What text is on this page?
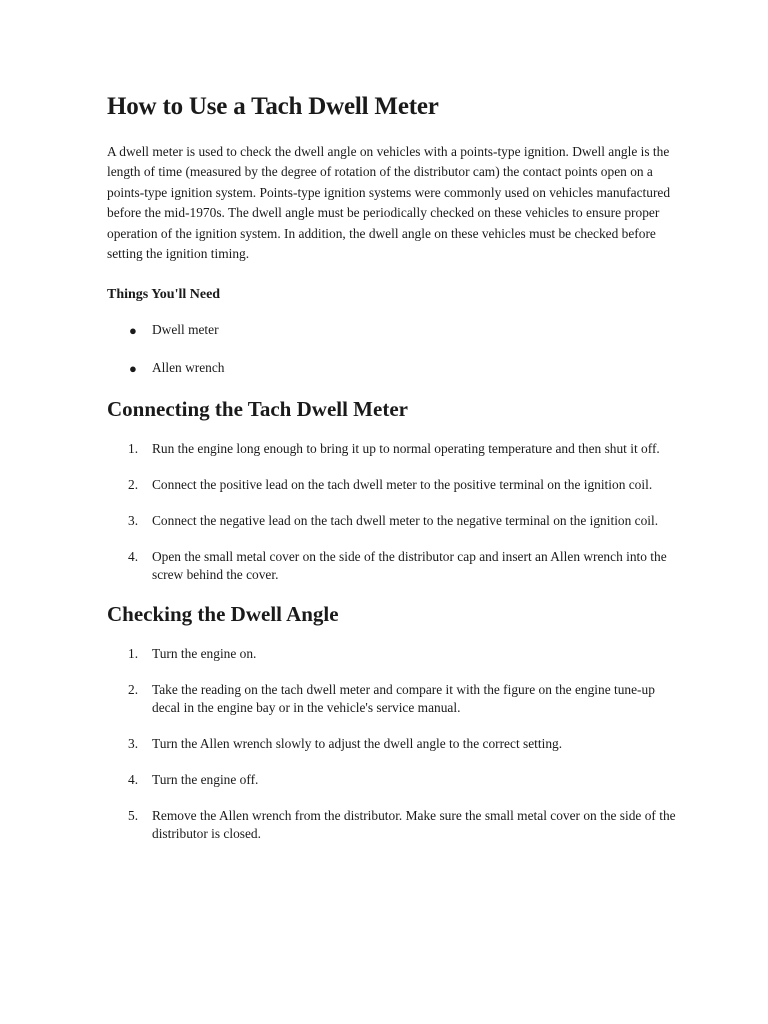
How to Use a Tach Dwell Meter

A dwell meter is used to check the dwell angle on vehicles with a points-type ignition. Dwell angle is the length of time (measured by the degree of rotation of the distributor cam) the contact points open on a points-type ignition system. Points-type ignition systems were commonly used on vehicles manufactured before the mid-1970s. The dwell angle must be periodically checked on these vehicles to ensure proper operation of the ignition system. In addition, the dwell angle on these vehicles must be checked before setting the ignition timing.

Things You'll Need
● Dwell meter
● Allen wrench
Connecting the Tach Dwell Meter
1. Run the engine long enough to bring it up to normal operating temperature and then shut it off.
2. Connect the positive lead on the tach dwell meter to the positive terminal on the ignition coil.
3. Connect the negative lead on the tach dwell meter to the negative terminal on the ignition coil.
4. Open the small metal cover on the side of the distributor cap and insert an Allen wrench into the screw behind the cover.
Checking the Dwell Angle
1. Turn the engine on.
2. Take the reading on the tach dwell meter and compare it with the figure on the engine tune-up decal in the engine bay or in the vehicle's service manual.
3. Turn the Allen wrench slowly to adjust the dwell angle to the correct setting.
4. Turn the engine off.
5. Remove the Allen wrench from the distributor. Make sure the small metal cover on the side of the distributor is closed.
